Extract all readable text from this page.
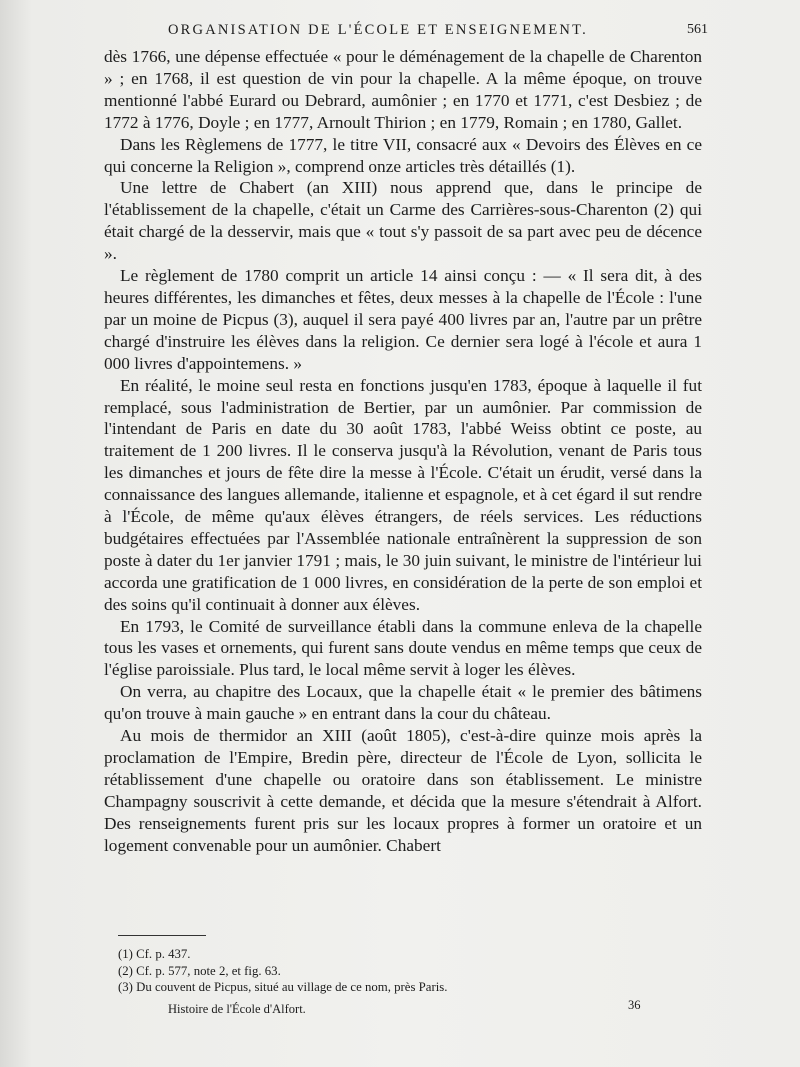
ORGANISATION DE L'ÉCOLE ET ENSEIGNEMENT.	561

dès 1766, une dépense effectuée « pour le déménagement de la chapelle de Charenton » ; en 1768, il est question de vin pour la chapelle. A la même époque, on trouve mentionné l'abbé Eurard ou Debrard, aumônier ; en 1770 et 1771, c'est Desbiez ; de 1772 à 1776, Doyle ; en 1777, Arnoult Thirion ; en 1779, Romain ; en 1780, Gallet.

Dans les Règlemens de 1777, le titre VII, consacré aux « Devoirs des Élèves en ce qui concerne la Religion », comprend onze articles très détaillés (1).

Une lettre de Chabert (an XIII) nous apprend que, dans le principe de l'établissement de la chapelle, c'était un Carme des Carrières-sous-Charenton (2) qui était chargé de la desservir, mais que « tout s'y passoit de sa part avec peu de décence ».

Le règlement de 1780 comprit un article 14 ainsi conçu : — « Il sera dit, à des heures différentes, les dimanches et fêtes, deux messes à la chapelle de l'École : l'une par un moine de Picpus (3), auquel il sera payé 400 livres par an, l'autre par un prêtre chargé d'instruire les élèves dans la religion. Ce dernier sera logé à l'école et aura 1 000 livres d'appointemens. »

En réalité, le moine seul resta en fonctions jusqu'en 1783, époque à laquelle il fut remplacé, sous l'administration de Bertier, par un aumônier. Par commission de l'intendant de Paris en date du 30 août 1783, l'abbé Weiss obtint ce poste, au traitement de 1 200 livres. Il le conserva jusqu'à la Révolution, venant de Paris tous les dimanches et jours de fête dire la messe à l'École. C'était un érudit, versé dans la connaissance des langues allemande, italienne et espagnole, et à cet égard il sut rendre à l'École, de même qu'aux élèves étrangers, de réels services. Les réductions budgétaires effectuées par l'Assemblée nationale entraînèrent la suppression de son poste à dater du 1er janvier 1791 ; mais, le 30 juin suivant, le ministre de l'intérieur lui accorda une gratification de 1 000 livres, en considération de la perte de son emploi et des soins qu'il continuait à donner aux élèves.

En 1793, le Comité de surveillance établi dans la commune enleva de la chapelle tous les vases et ornements, qui furent sans doute vendus en même temps que ceux de l'église paroissiale. Plus tard, le local même servit à loger les élèves.

On verra, au chapitre des Locaux, que la chapelle était « le premier des bâtimens qu'on trouve à main gauche » en entrant dans la cour du château.

Au mois de thermidor an XIII (août 1805), c'est-à-dire quinze mois après la proclamation de l'Empire, Bredin père, directeur de l'École de Lyon, sollicita le rétablissement d'une chapelle ou oratoire dans son établissement. Le ministre Champagny souscrivit à cette demande, et décida que la mesure s'étendrait à Alfort. Des renseignements furent pris sur les locaux propres à former un oratoire et un logement convenable pour un aumônier. Chabert

(1) Cf. p. 437.
(2) Cf. p. 577, note 2, et fig. 63.
(3) Du couvent de Picpus, situé au village de ce nom, près Paris.
Histoire de l'École d'Alfort.	36
